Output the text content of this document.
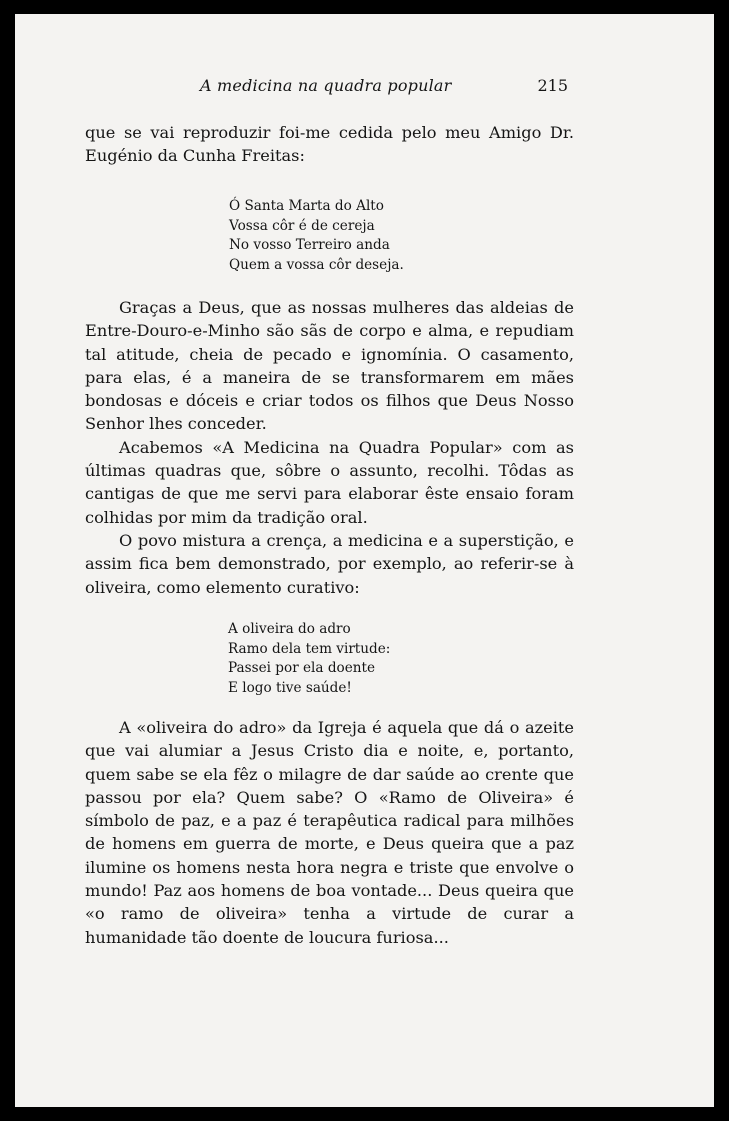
A medicina na quadra popular	215

que se vai reproduzir foi-me cedida pelo meu Amigo Dr. Eugénio da Cunha Freitas:

Ó Santa Marta do Alto
Vossa côr é de cereja
No vosso Terreiro anda
Quem a vossa côr deseja.

Graças a Deus, que as nossas mulheres das aldeias de Entre-Douro-e-Minho são sãs de corpo e alma, e repudiam tal atitude, cheia de pecado e ignomínia. O casamento, para elas, é a maneira de se transformarem em mães bondosas e dóceis e criar todos os filhos que Deus Nosso Senhor lhes conceder.

Acabemos «A Medicina na Quadra Popular» com as últimas quadras que, sôbre o assunto, recolhi. Tôdas as cantigas de que me servi para elaborar êste ensaio foram colhidas por mim da tradição oral.

O povo mistura a crença, a medicina e a superstição, e assim fica bem demonstrado, por exemplo, ao referir-se à oliveira, como elemento curativo:

A oliveira do adro
Ramo dela tem virtude:
Passei por ela doente
E logo tive saúde!

A «oliveira do adro» da Igreja é aquela que dá o azeite que vai alumiar a Jesus Cristo dia e noite, e, portanto, quem sabe se ela fêz o milagre de dar saúde ao crente que passou por ela? Quem sabe? O «Ramo de Oliveira» é símbolo de paz, e a paz é terapêutica radical para milhões de homens em guerra de morte, e Deus queira que a paz ilumine os homens nesta hora negra e triste que envolve o mundo! Paz aos homens de boa vontade... Deus queira que «o ramo de oliveira» tenha a virtude de curar a humanidade tão doente de loucura furiosa...
